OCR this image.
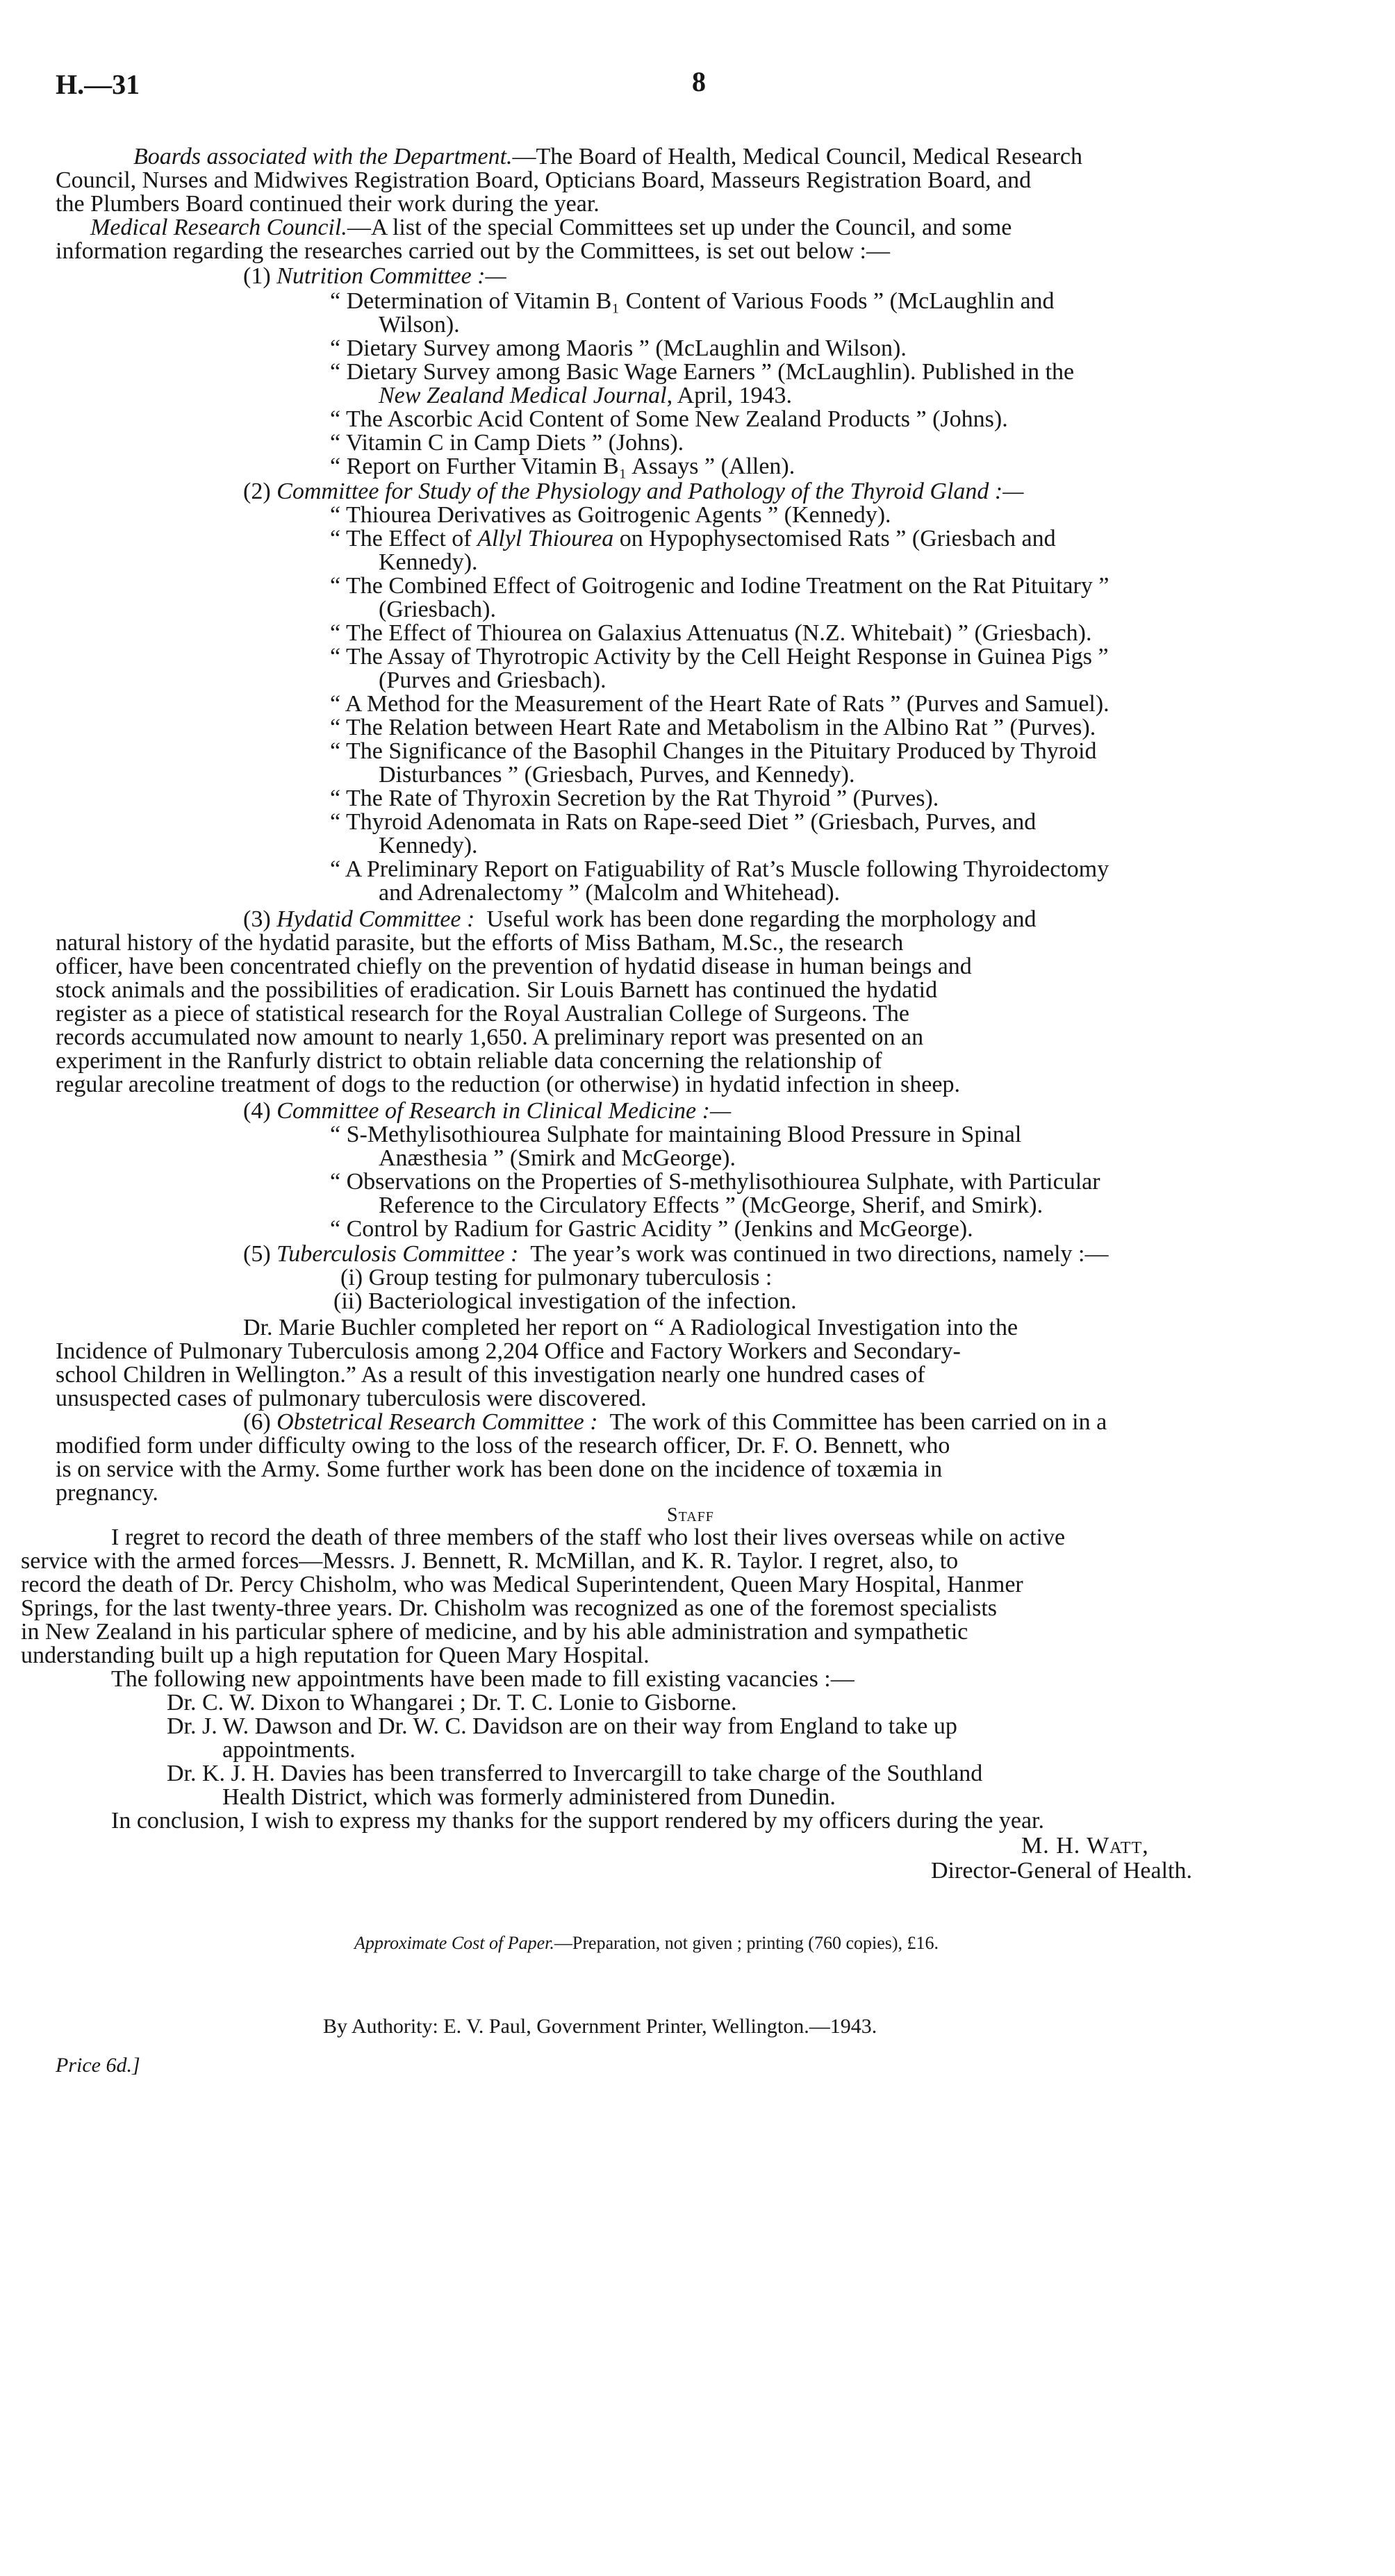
H.—31	8
Boards associated with the Department.—The Board of Health, Medical Council, Medical Research
Council, Nurses and Midwives Registration Board, Opticians Board, Masseurs Registration Board, and
the Plumbers Board continued their work during the year.
Medical Research Council.—A list of the special Committees set up under the Council, and some
information regarding the researches carried out by the Committees, is set out below :—
(1) Nutrition Committee :—
“ Determination of Vitamin B₁ Content of Various Foods ” (McLaughlin and
Wilson).
“ Dietary Survey among Maoris ” (McLaughlin and Wilson).
“ Dietary Survey among Basic Wage Earners ” (McLaughlin). Published in the
New Zealand Medical Journal, April, 1943.
“ The Ascorbic Acid Content of Some New Zealand Products ” (Johns).
“ Vitamin C in Camp Diets ” (Johns).
“ Report on Further Vitamin B₁ Assays ” (Allen).
(2) Committee for Study of the Physiology and Pathology of the Thyroid Gland :—
“ Thiourea Derivatives as Goitrogenic Agents ” (Kennedy).
“ The Effect of Allyl Thiourea on Hypophysectomised Rats ” (Griesbach and
Kennedy).
“ The Combined Effect of Goitrogenic and Iodine Treatment on the Rat Pituitary ”
(Griesbach).
“ The Effect of Thiourea on Galaxius Attenuatus (N.Z. Whitebait) ” (Griesbach).
“ The Assay of Thyrotropic Activity by the Cell Height Response in Guinea Pigs ”
(Purves and Griesbach).
“ A Method for the Measurement of the Heart Rate of Rats ” (Purves and Samuel).
“ The Relation between Heart Rate and Metabolism in the Albino Rat ” (Purves).
“ The Significance of the Basophil Changes in the Pituitary Produced by Thyroid
Disturbances ” (Griesbach, Purves, and Kennedy).
“ The Rate of Thyroxin Secretion by the Rat Thyroid ” (Purves).
“ Thyroid Adenomata in Rats on Rape-seed Diet ” (Griesbach, Purves, and
Kennedy).
“ A Preliminary Report on Fatiguability of Rat’s Muscle following Thyroidectomy
and Adrenalectomy ” (Malcolm and Whitehead).
(3) Hydatid Committee : Useful work has been done regarding the morphology and
natural history of the hydatid parasite, but the efforts of Miss Batham, M.Sc., the research
officer, have been concentrated chiefly on the prevention of hydatid disease in human beings and
stock animals and the possibilities of eradication. Sir Louis Barnett has continued the hydatid
register as a piece of statistical research for the Royal Australian College of Surgeons. The
records accumulated now amount to nearly 1,650. A preliminary report was presented on an
experiment in the Ranfurly district to obtain reliable data concerning the relationship of
regular arecoline treatment of dogs to the reduction (or otherwise) in hydatid infection in sheep.
(4) Committee of Research in Clinical Medicine :—
“ S-Methylisothiourea Sulphate for maintaining Blood Pressure in Spinal
Anæsthesia ” (Smirk and McGeorge).
“ Observations on the Properties of S-methylisothiourea Sulphate, with Particular
Reference to the Circulatory Effects ” (McGeorge, Sherif, and Smirk).
“ Control by Radium for Gastric Acidity ” (Jenkins and McGeorge).
(5) Tuberculosis Committee : The year’s work was continued in two directions, namely :—
(i) Group testing for pulmonary tuberculosis :
(ii) Bacteriological investigation of the infection.
Dr. Marie Buchler completed her report on “ A Radiological Investigation into the
Incidence of Pulmonary Tuberculosis among 2,204 Office and Factory Workers and Secondary-
school Children in Wellington.” As a result of this investigation nearly one hundred cases of
unsuspected cases of pulmonary tuberculosis were discovered.
(6) Obstetrical Research Committee : The work of this Committee has been carried on in a
modified form under difficulty owing to the loss of the research officer, Dr. F. O. Bennett, who
is on service with the Army. Some further work has been done on the incidence of toxæmia in
pregnancy.
Staff
I regret to record the death of three members of the staff who lost their lives overseas while on active
service with the armed forces—Messrs. J. Bennett, R. McMillan, and K. R. Taylor. I regret, also, to
record the death of Dr. Percy Chisholm, who was Medical Superintendent, Queen Mary Hospital, Hanmer
Springs, for the last twenty-three years. Dr. Chisholm was recognized as one of the foremost specialists
in New Zealand in his particular sphere of medicine, and by his able administration and sympathetic
understanding built up a high reputation for Queen Mary Hospital.
The following new appointments have been made to fill existing vacancies :—
Dr. C. W. Dixon to Whangarei ; Dr. T. C. Lonie to Gisborne.
Dr. J. W. Dawson and Dr. W. C. Davidson are on their way from England to take up
appointments.
Dr. K. J. H. Davies has been transferred to Invercargill to take charge of the Southland
Health District, which was formerly administered from Dunedin.
In conclusion, I wish to express my thanks for the support rendered by my officers during the year.
M. H. Watt,
Director-General of Health.
Approximate Cost of Paper.—Preparation, not given ; printing (760 copies), £16.
By Authority: E. V. Paul, Government Printer, Wellington.—1943.
Price 6d.]
